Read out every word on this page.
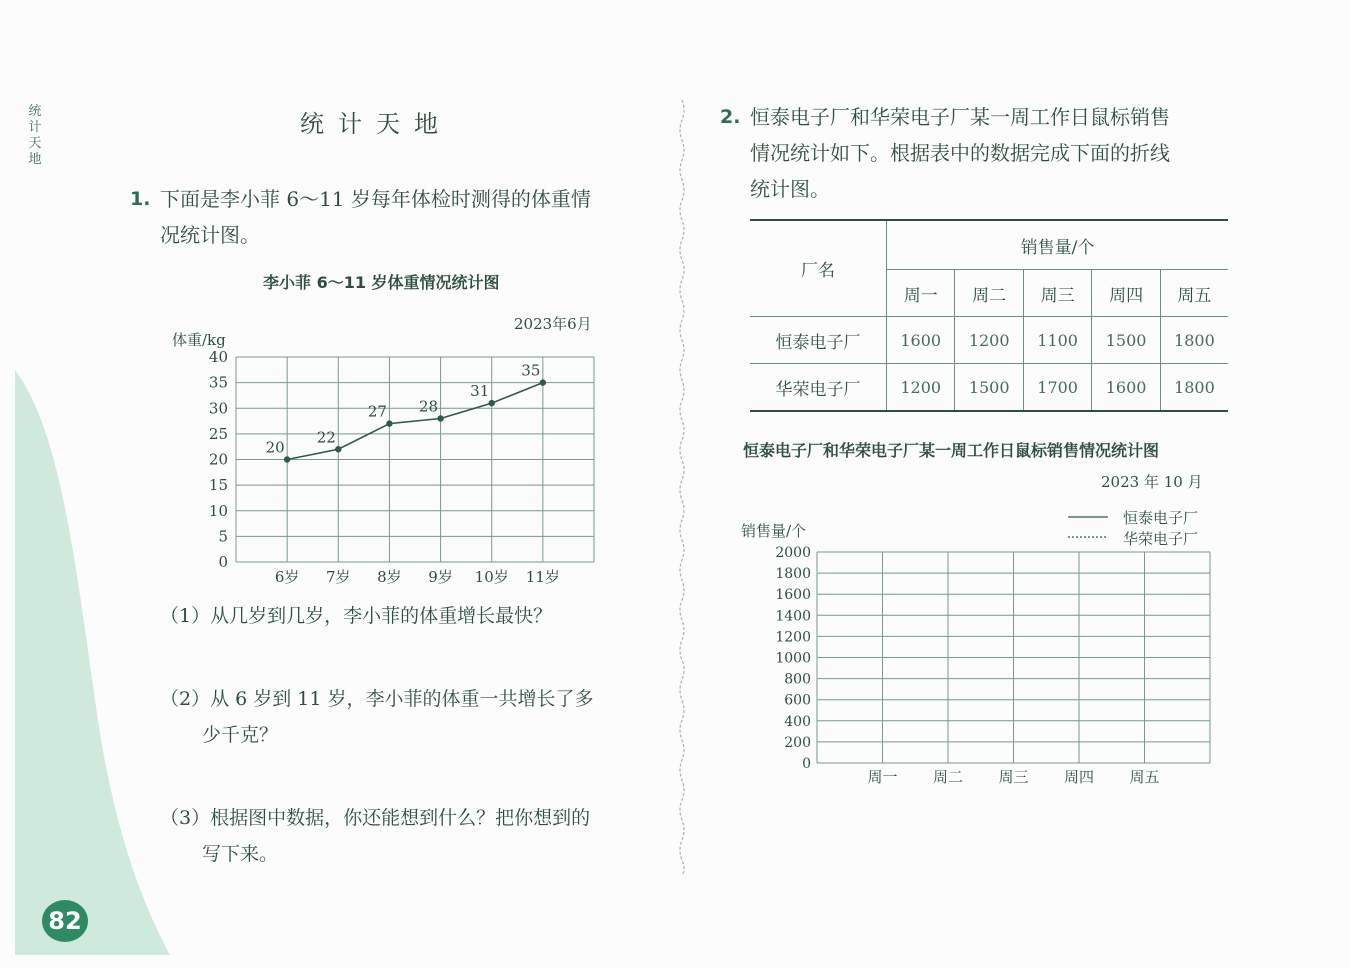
统计天地
82
统计天地
1. 下面是李小菲 6～11 岁每年体检时测得的体重情
况统计图。
李小菲 6～11 岁体重情况统计图
2023年6月
体重/kg
0
5
10
15
20
25
30
35
40
6岁 7岁 8岁 9岁 10岁 11岁
20
22
27 28
31
35
（1）从几岁到几岁，李小菲的体重增长最快？
（2）从 6 岁到 11 岁，李小菲的体重一共增长了多
少千克？
（3）根据图中数据，你还能想到什么？把你想到的
写下来。
2. 恒泰电子厂和华荣电子厂某一周工作日鼠标销售
情况统计如下。根据表中的数据完成下面的折线
统计图。
厂名	销售量/个				
	周一	周二	周三	周四	周五
恒泰电子厂	1600	1200	1100	1500	1800
华荣电子厂	1200	1500	1700	1600	1800
恒泰电子厂和华荣电子厂某一周工作日鼠标销售情况统计图
2023 年 10 月
销售量/个
恒泰电子厂
华荣电子厂
0
200
400
600
800
1000
1200
1400
1600
1800
2000
周一 周二 周三 周四 周五
